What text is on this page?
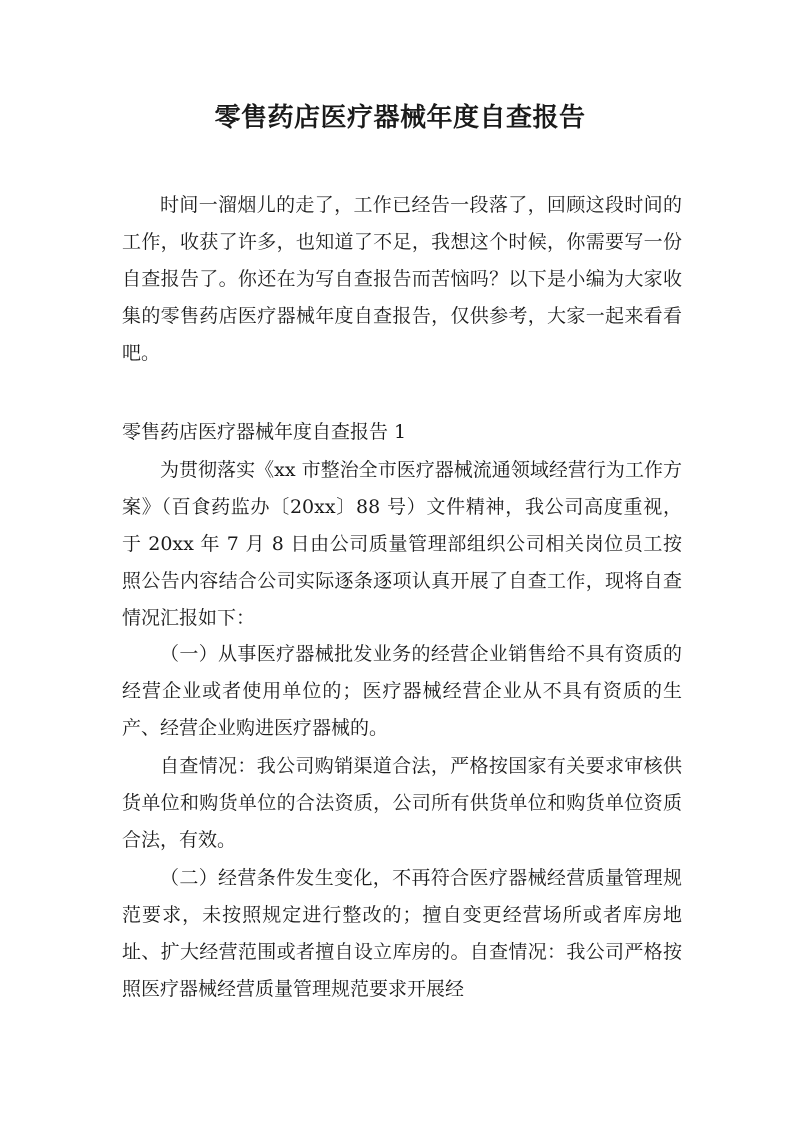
零售药店医疗器械年度自查报告

时间一溜烟儿的走了，工作已经告一段落了，回顾这段时间的工作，收获了许多，也知道了不足，我想这个时候，你需要写一份自查报告了。你还在为写自查报告而苦恼吗？以下是小编为大家收集的零售药店医疗器械年度自查报告，仅供参考，大家一起来看看吧。

零售药店医疗器械年度自查报告 1

为贯彻落实《xx 市整治全市医疗器械流通领域经营行为工作方案》（百食药监办〔20xx〕88 号）文件精神，我公司高度重视，于 20xx 年 7 月 8 日由公司质量管理部组织公司相关岗位员工按照公告内容结合公司实际逐条逐项认真开展了自查工作，现将自查情况汇报如下：

（一）从事医疗器械批发业务的经营企业销售给不具有资质的经营企业或者使用单位的；医疗器械经营企业从不具有资质的生产、经营企业购进医疗器械的。

自查情况：我公司购销渠道合法，严格按国家有关要求审核供货单位和购货单位的合法资质，公司所有供货单位和购货单位资质合法，有效。

（二）经营条件发生变化，不再符合医疗器械经营质量管理规范要求，未按照规定进行整改的；擅自变更经营场所或者库房地址、扩大经营范围或者擅自设立库房的。自查情况：我公司严格按照医疗器械经营质量管理规范要求开展经
